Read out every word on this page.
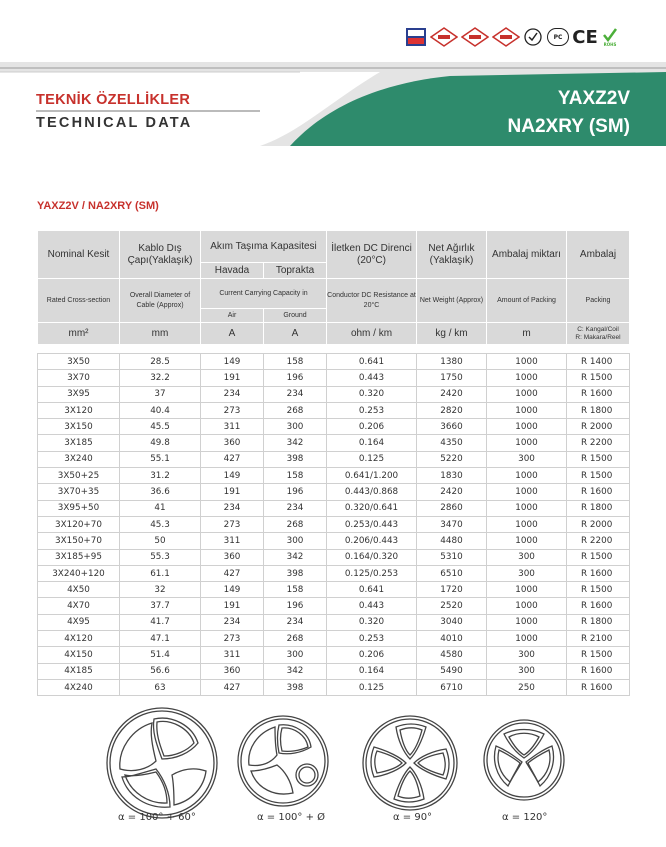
PC CE ROHS
TEKNİK ÖZELLİKLER
TECHNICAL DATA
YAXZ2V
NA2XRY (SM)
YAXZ2V / NA2XRY (SM)
Nominal Kesit	Kablo Dış Çapı(Yaklaşık)	Akım Taşıma Kapasitesi		İletken DC Direnci (20°C)	Net Ağırlık (Yaklaşık)	Ambalaj miktarı	Ambalaj

		Havada	Toprakta				

Rated Cross-section	Overall Diameter of Cable (Approx)	Current Carrying Capacity in		Conductor DC Resistance at 20°C	Net Weight (Approx)	Amount of Packing	Packing

		Air	Ground				

mm²	mm	A	A	ohm / km	kg / km	m	C: Kangal/Coil
R: Makara/Reel

3X50	28.5	149	158	0.641	1380	1000	R 1400
3X70	32.2	191	196	0.443	1750	1000	R 1500
3X95	37	234	234	0.320	2420	1000	R 1600
3X120	40.4	273	268	0.253	2820	1000	R 1800
3X150	45.5	311	300	0.206	3660	1000	R 2000
3X185	49.8	360	342	0.164	4350	1000	R 2200
3X240	55.1	427	398	0.125	5220	300	R 1500
3X50+25	31.2	149	158	0.641/1.200	1830	1000	R 1500
3X70+35	36.6	191	196	0.443/0.868	2420	1000	R 1600
3X95+50	41	234	234	0.320/0.641	2860	1000	R 1800
3X120+70	45.3	273	268	0.253/0.443	3470	1000	R 2000
3X150+70	50	311	300	0.206/0.443	4480	1000	R 2200
3X185+95	55.3	360	342	0.164/0.320	5310	300	R 1500
3X240+120	61.1	427	398	0.125/0.253	6510	300	R 1600
4X50	32	149	158	0.641	1720	1000	R 1500
4X70	37.7	191	196	0.443	2520	1000	R 1600
4X95	41.7	234	234	0.320	3040	1000	R 1800
4X120	47.1	273	268	0.253	4010	1000	R 2100
4X150	51.4	311	300	0.206	4580	300	R 1500
4X185	56.6	360	342	0.164	5490	300	R 1600
4X240	63	427	398	0.125	6710	250	R 1600
α = 100° + 60°	α = 100° + Ø	α = 90°	α = 120°
